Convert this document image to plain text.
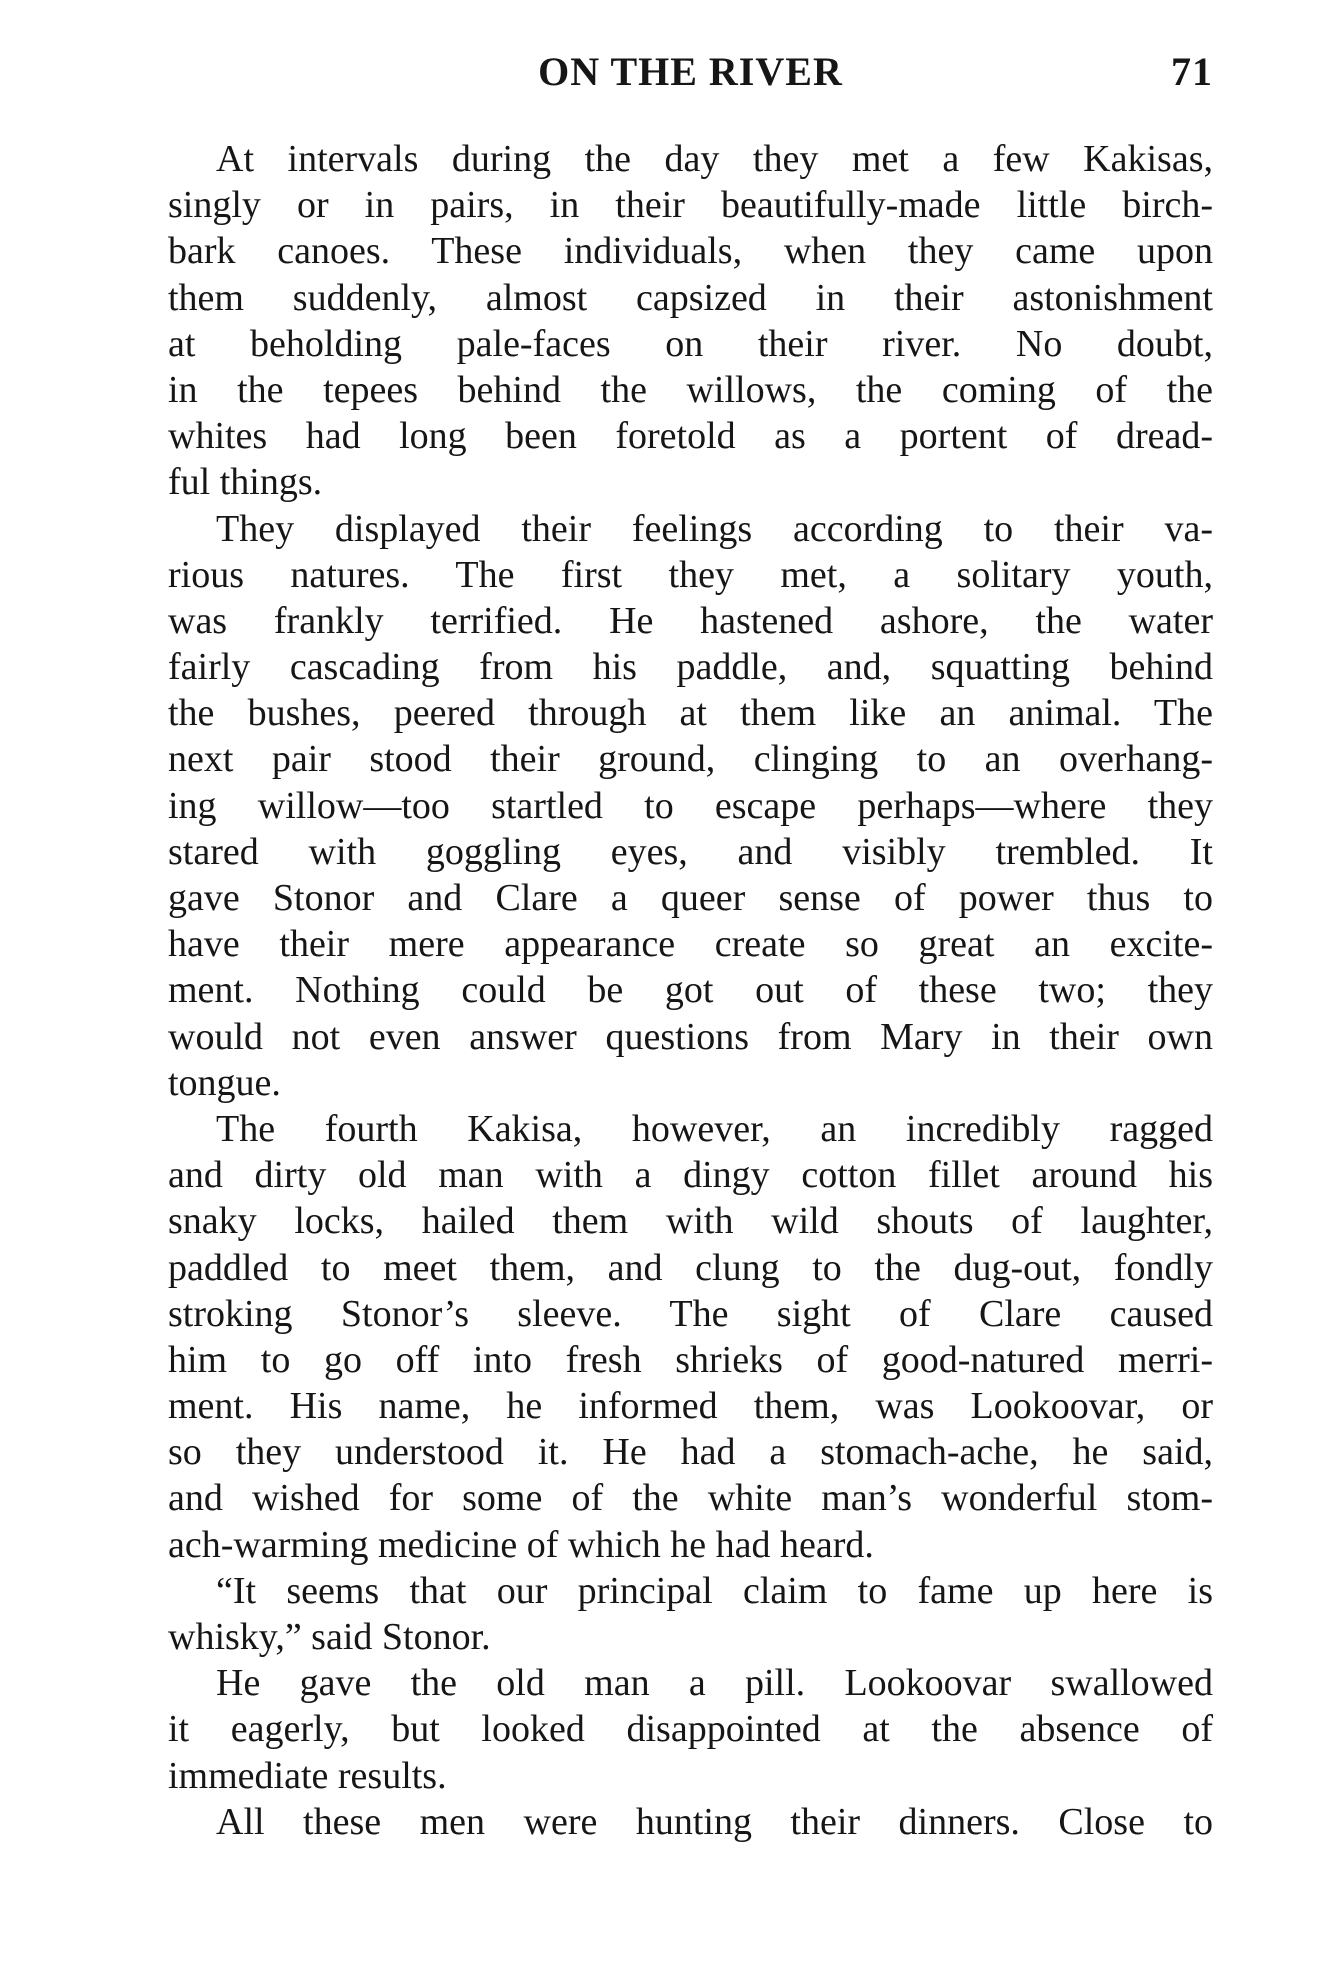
ON THE RIVER	71
At intervals during the day they met a few Kakisas,
singly or in pairs, in their beautifully-made little birch-
bark canoes. These individuals, when they came upon
them suddenly, almost capsized in their astonishment
at beholding pale-faces on their river. No doubt,
in the tepees behind the willows, the coming of the
whites had long been foretold as a portent of dread-
ful things.
They displayed their feelings according to their va-
rious natures. The first they met, a solitary youth,
was frankly terrified. He hastened ashore, the water
fairly cascading from his paddle, and, squatting behind
the bushes, peered through at them like an animal. The
next pair stood their ground, clinging to an overhang-
ing willow—too startled to escape perhaps—where they
stared with goggling eyes, and visibly trembled. It
gave Stonor and Clare a queer sense of power thus to
have their mere appearance create so great an excite-
ment. Nothing could be got out of these two; they
would not even answer questions from Mary in their own
tongue.
The fourth Kakisa, however, an incredibly ragged
and dirty old man with a dingy cotton fillet around his
snaky locks, hailed them with wild shouts of laughter,
paddled to meet them, and clung to the dug-out, fondly
stroking Stonor’s sleeve. The sight of Clare caused
him to go off into fresh shrieks of good-natured merri-
ment. His name, he informed them, was Lookoovar, or
so they understood it. He had a stomach-ache, he said,
and wished for some of the white man’s wonderful stom-
ach-warming medicine of which he had heard.
“It seems that our principal claim to fame up here is
whisky,” said Stonor.
He gave the old man a pill. Lookoovar swallowed
it eagerly, but looked disappointed at the absence of
immediate results.
All these men were hunting their dinners. Close to
